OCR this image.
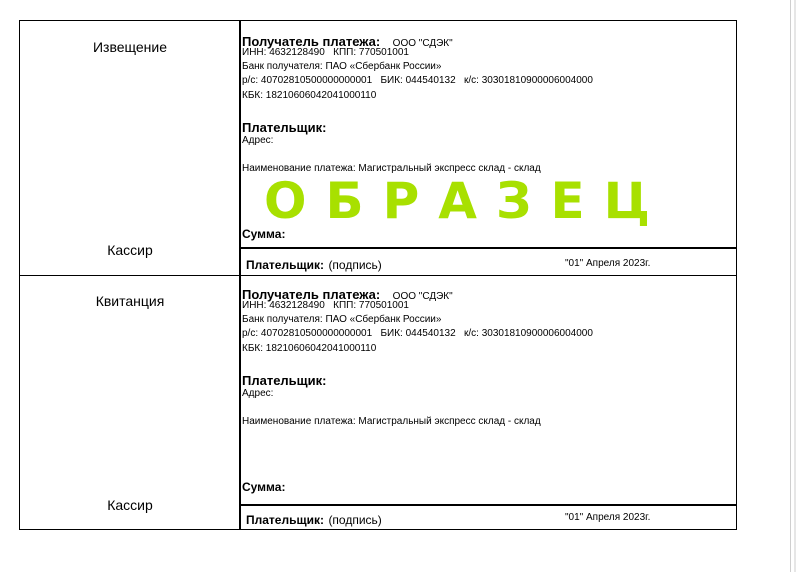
Извещение
Кассир
Получатель платежа: ООО "СДЭК"
ИНН: 4632128490   КПП: 770501001
Банк получателя: ПАО «Сбербанк России»
р/с: 40702810500000000001   БИК: 044540132   к/с: 30301810900006004000
КБК: 18210606042041000110
Плательщик:
Адрес:
Наименование платежа: Магистральный экспресс склад - склад
ОБРАЗЕЦ
Сумма:
Плательщик: (подпись)	"01" Апреля 2023г.
Квитанция
Кассир
Получатель платежа: ООО "СДЭК"
ИНН: 4632128490   КПП: 770501001
Банк получателя: ПАО «Сбербанк России»
р/с: 40702810500000000001   БИК: 044540132   к/с: 30301810900006004000
КБК: 18210606042041000110
Плательщик:
Адрес:
Наименование платежа: Магистральный экспресс склад - склад
Сумма:
Плательщик: (подпись)	"01" Апреля 2023г.
